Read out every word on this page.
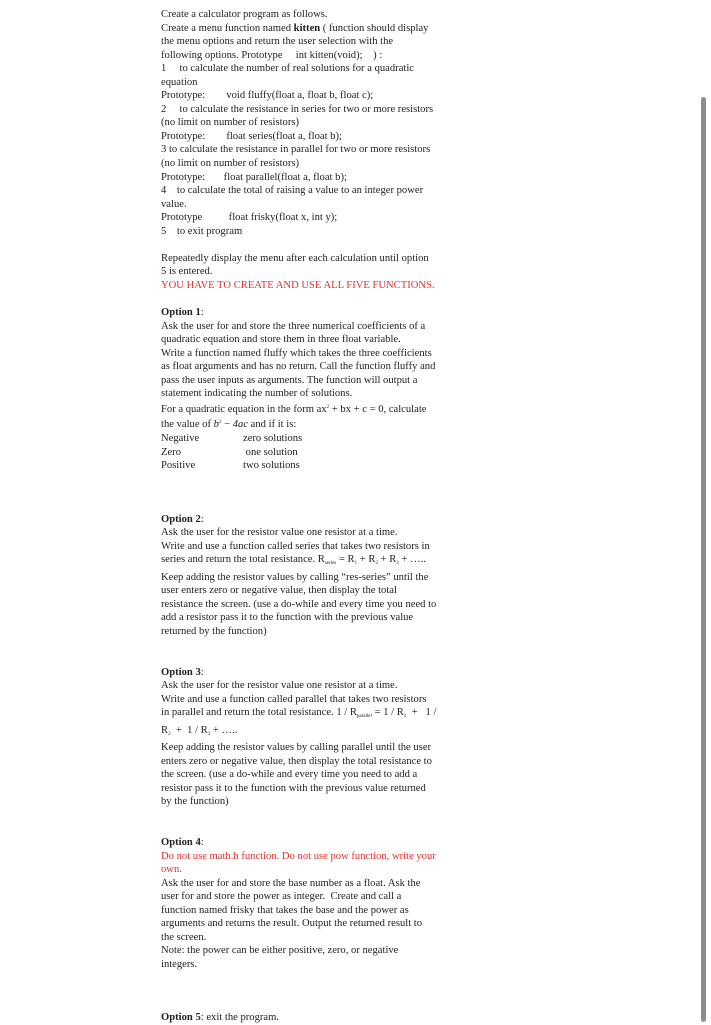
Create a calculator program as follows.

Create a menu function named kitten ( function should display

the menu options and return the user selection with the

following options. Prototype     int kitten(void);    ) :

1     to calculate the number of real solutions for a quadratic

equation

Prototype:        void fluffy(float a, float b, float c);

2     to calculate the resistance in series for two or more resistors

(no limit on number of resistors)

Prototype:        float series(float a, float b);

3 to calculate the resistance in parallel for two or more resistors

(no limit on number of resistors)

Prototype:       float parallel(float a, float b);

4    to calculate the total of raising a value to an integer power

value.

Prototype          float frisky(float x, int y);

5    to exit program

Repeatedly display the menu after each calculation until option

5 is entered.

YOU HAVE TO CREATE AND USE ALL FIVE FUNCTIONS.

Option 1:

Ask the user for and store the three numerical coefficients of a

quadratic equation and store them in three float variable.

Write a function named fluffy which takes the three coefficients

as float arguments and has no return. Call the function fluffy and

pass the user inputs as arguments. The function will output a

statement indicating the number of solutions.

For a quadratic equation in the form $ax^2$ + bx + c = 0, calculate

the value of $b^2 - 4ac$ and if it is:

Negative	zero solutions
Zero	one solution
Positive	two solutions

Option 2:

Ask the user for the resistor value one resistor at a time.

Write and use a function called series that takes two resistors in

series and return the total resistance. $R_{series} = R_1 + R_2 + R_3$ + …..

Keep adding the resistor values by calling “res-series” until the

user enters zero or negative value, then display the total

resistance the screen. (use a do-while and every time you need to

add a resistor pass it to the function with the previous value

returned by the function)

Option 3:

Ask the user for the resistor value one resistor at a time.

Write and use a function called parallel that takes two resistors

in parallel and return the total resistance. $1 / R_{parallel} = 1 / R_1 + 1$ /

$R_2 + 1 / R_3$ + …..

Keep adding the resistor values by calling parallel until the user

enters zero or negative value, then display the total resistance to

the screen. (use a do-while and every time you need to add a

resistor pass it to the function with the previous value returned

by the function)

Option 4:

Do not use math.h function. Do not use pow function, write your

own.

Ask the user for and store the base number as a float. Ask the

user for and store the power as integer.  Create and call a

function named frisky that takes the base and the power as

arguments and returns the result. Output the returned result to

the screen.

Note: the power can be either positive, zero, or negative

integers.

Option 5: exit the program.
